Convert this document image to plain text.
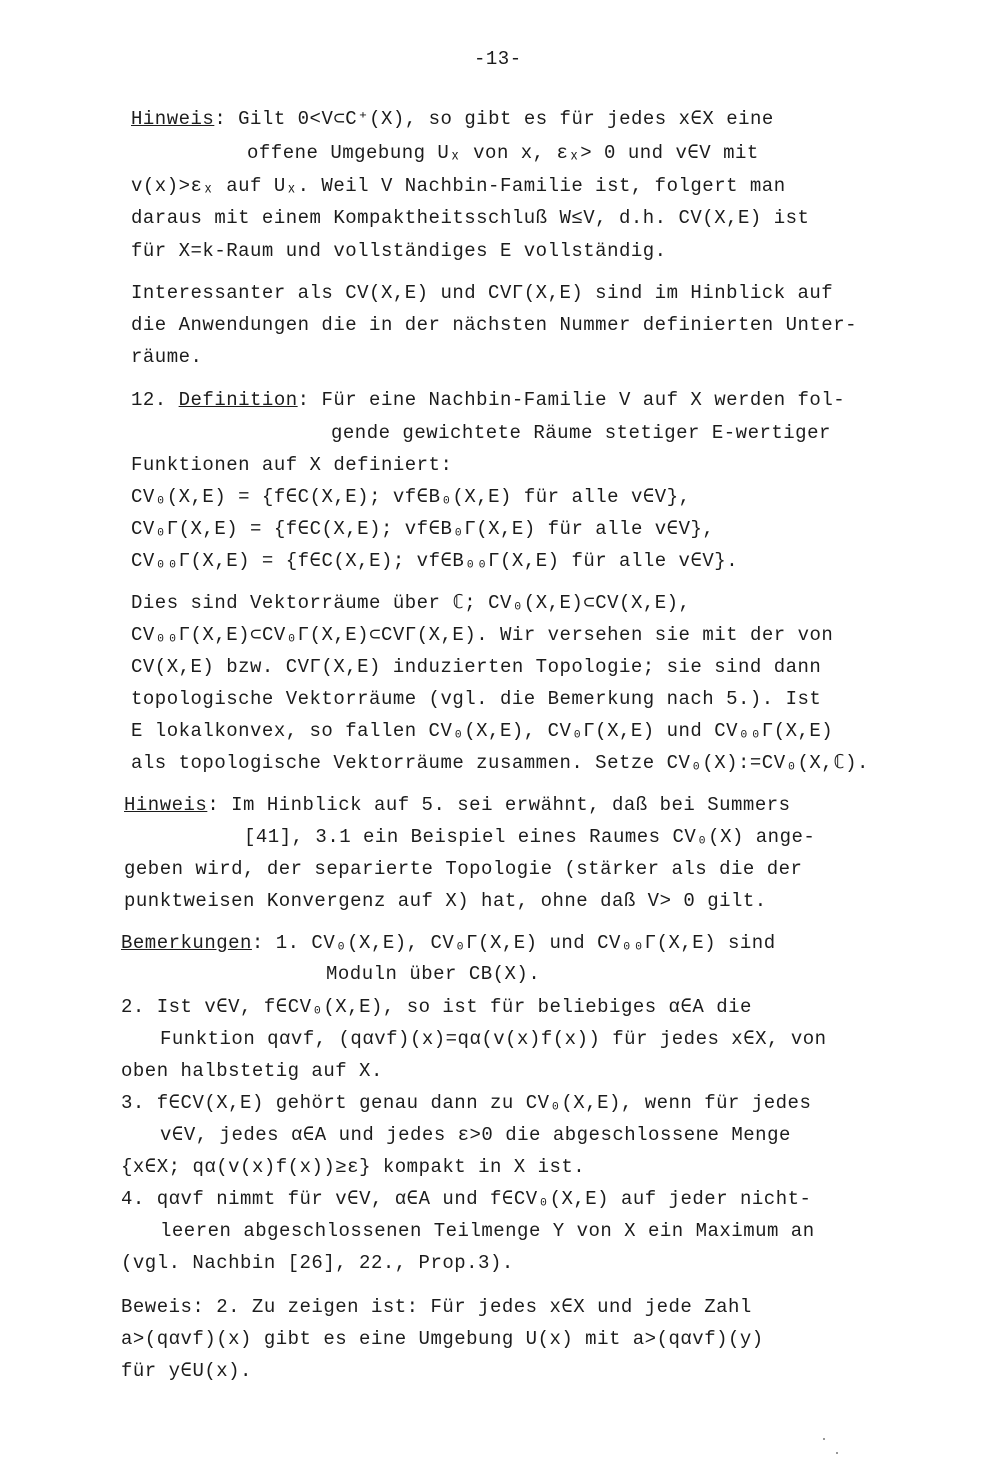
-13-
Hinweis: Gilt 0<V⊂C⁺(X), so gibt es für jedes x∈X eine
offene Umgebung Uₓ von x, εₓ> 0 und v∈V mit
v(x)>εₓ auf Uₓ. Weil V Nachbin-Familie ist, folgert man
daraus mit einem Kompaktheitsschluß W≤V, d.h. CV(X,E) ist
für X=k-Raum und vollständiges E vollständig.
Interessanter als CV(X,E) und CVΓ(X,E) sind im Hinblick auf
die Anwendungen die in der nächsten Nummer definierten Unter-
räume.
12. Definition: Für eine Nachbin-Familie V auf X werden fol-
gende gewichtete Räume stetiger E-wertiger
Funktionen auf X definiert:
CV₀(X,E) = {f∈C(X,E); vf∈B₀(X,E) für alle v∈V},
CV₀Γ(X,E) = {f∈C(X,E); vf∈B₀Γ(X,E) für alle v∈V},
CV₀₀Γ(X,E) = {f∈C(X,E); vf∈B₀₀Γ(X,E) für alle v∈V}.
Dies sind Vektorräume über ℂ; CV₀(X,E)⊂CV(X,E),
CV₀₀Γ(X,E)⊂CV₀Γ(X,E)⊂CVΓ(X,E). Wir versehen sie mit der von
CV(X,E) bzw. CVΓ(X,E) induzierten Topologie; sie sind dann
topologische Vektorräume (vgl. die Bemerkung nach 5.). Ist
E lokalkonvex, so fallen CV₀(X,E), CV₀Γ(X,E) und CV₀₀Γ(X,E)
als topologische Vektorräume zusammen. Setze CV₀(X):=CV₀(X,ℂ).
Hinweis: Im Hinblick auf 5. sei erwähnt, daß bei Summers
[41], 3.1 ein Beispiel eines Raumes CV₀(X) ange-
geben wird, der separierte Topologie (stärker als die der
punktweisen Konvergenz auf X) hat, ohne daß V> 0 gilt.
Bemerkungen: 1. CV₀(X,E), CV₀Γ(X,E) und CV₀₀Γ(X,E) sind
Moduln über CB(X).
2. Ist v∈V, f∈CV₀(X,E), so ist für beliebiges α∈A die
Funktion qαvf, (qαvf)(x)=qα(v(x)f(x)) für jedes x∈X, von
oben halbstetig auf X.
3. f∈CV(X,E) gehört genau dann zu CV₀(X,E), wenn für jedes
v∈V, jedes α∈A und jedes ε>0 die abgeschlossene Menge
{x∈X; qα(v(x)f(x))≥ε} kompakt in X ist.
4. qαvf nimmt für v∈V, α∈A und f∈CV₀(X,E) auf jeder nicht-
leeren abgeschlossenen Teilmenge Y von X ein Maximum an
(vgl. Nachbin [26], 22., Prop.3).
Beweis: 2. Zu zeigen ist: Für jedes x∈X und jede Zahl
a>(qαvf)(x) gibt es eine Umgebung U(x) mit a>(qαvf)(y)
für y∈U(x).
